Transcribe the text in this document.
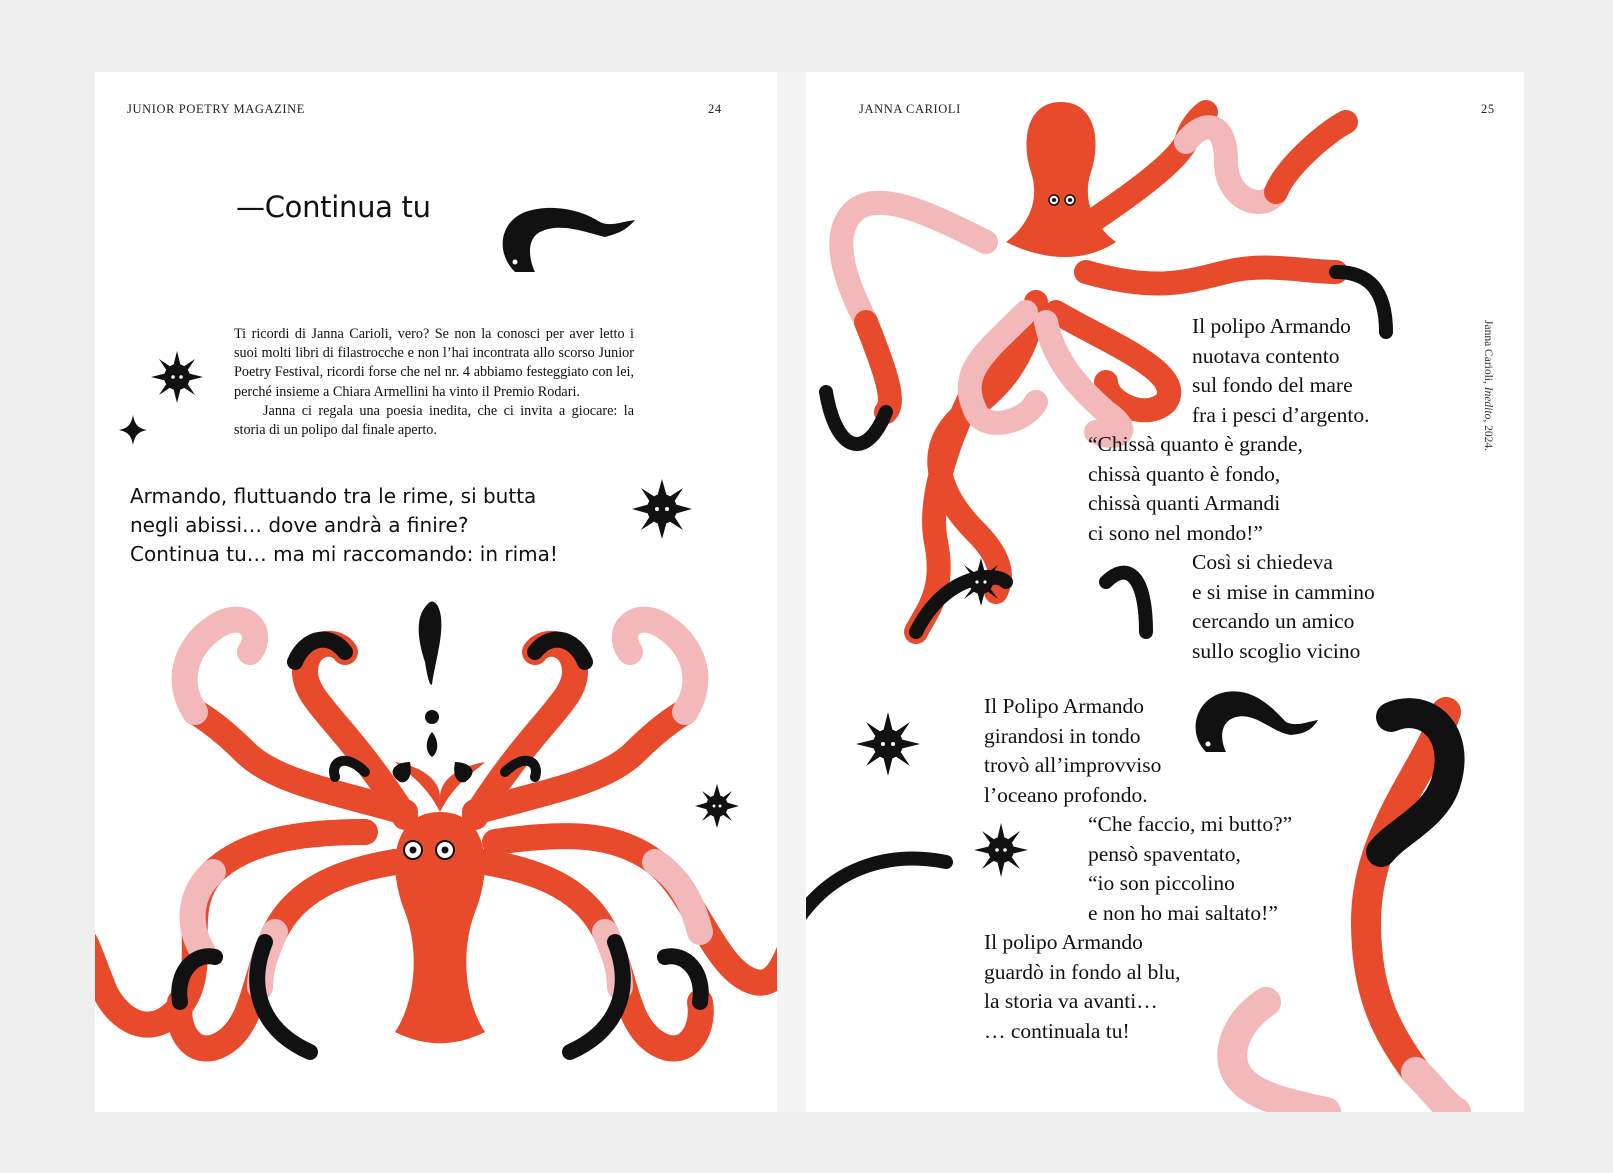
JUNIOR POETRY MAGAZINE	24
—Continua tu

Ti ricordi di Janna Carioli, vero? Se non la conosci per aver letto i suoi molti libri di filastrocche e non l’hai incontrata allo scorso Junior Poetry Festival, ricordi forse che nel nr. 4 abbiamo festeggiato con lei, perché insieme a Chiara Armellini ha vinto il Premio Rodari.

Janna ci regala una poesia inedita, che ci invita a giocare: la storia di un polipo dal finale aperto.

Armando, fluttuando tra le rime, si butta
negli abissi… dove andrà a finire?
Continua tu… ma mi raccomando: in rima!
JANNA CARIOLI	25
Janna Carioli, Inedito, 2024.
Il polipo Armando
nuotava contento
sul fondo del mare
fra i pesci d’argento.
“Chissà quanto è grande,
chissà quanto è fondo,
chissà quanti Armandi
ci sono nel mondo!”
Così si chiedeva
e si mise in cammino
cercando un amico
sullo scoglio vicino
Il Polipo Armando
girandosi in tondo
trovò all’improvviso
l’oceano profondo.
“Che faccio, mi butto?”
pensò spaventato,
“io son piccolino
e non ho mai saltato!”
Il polipo Armando
guardò in fondo al blu,
la storia va avanti…
… continuala tu!
